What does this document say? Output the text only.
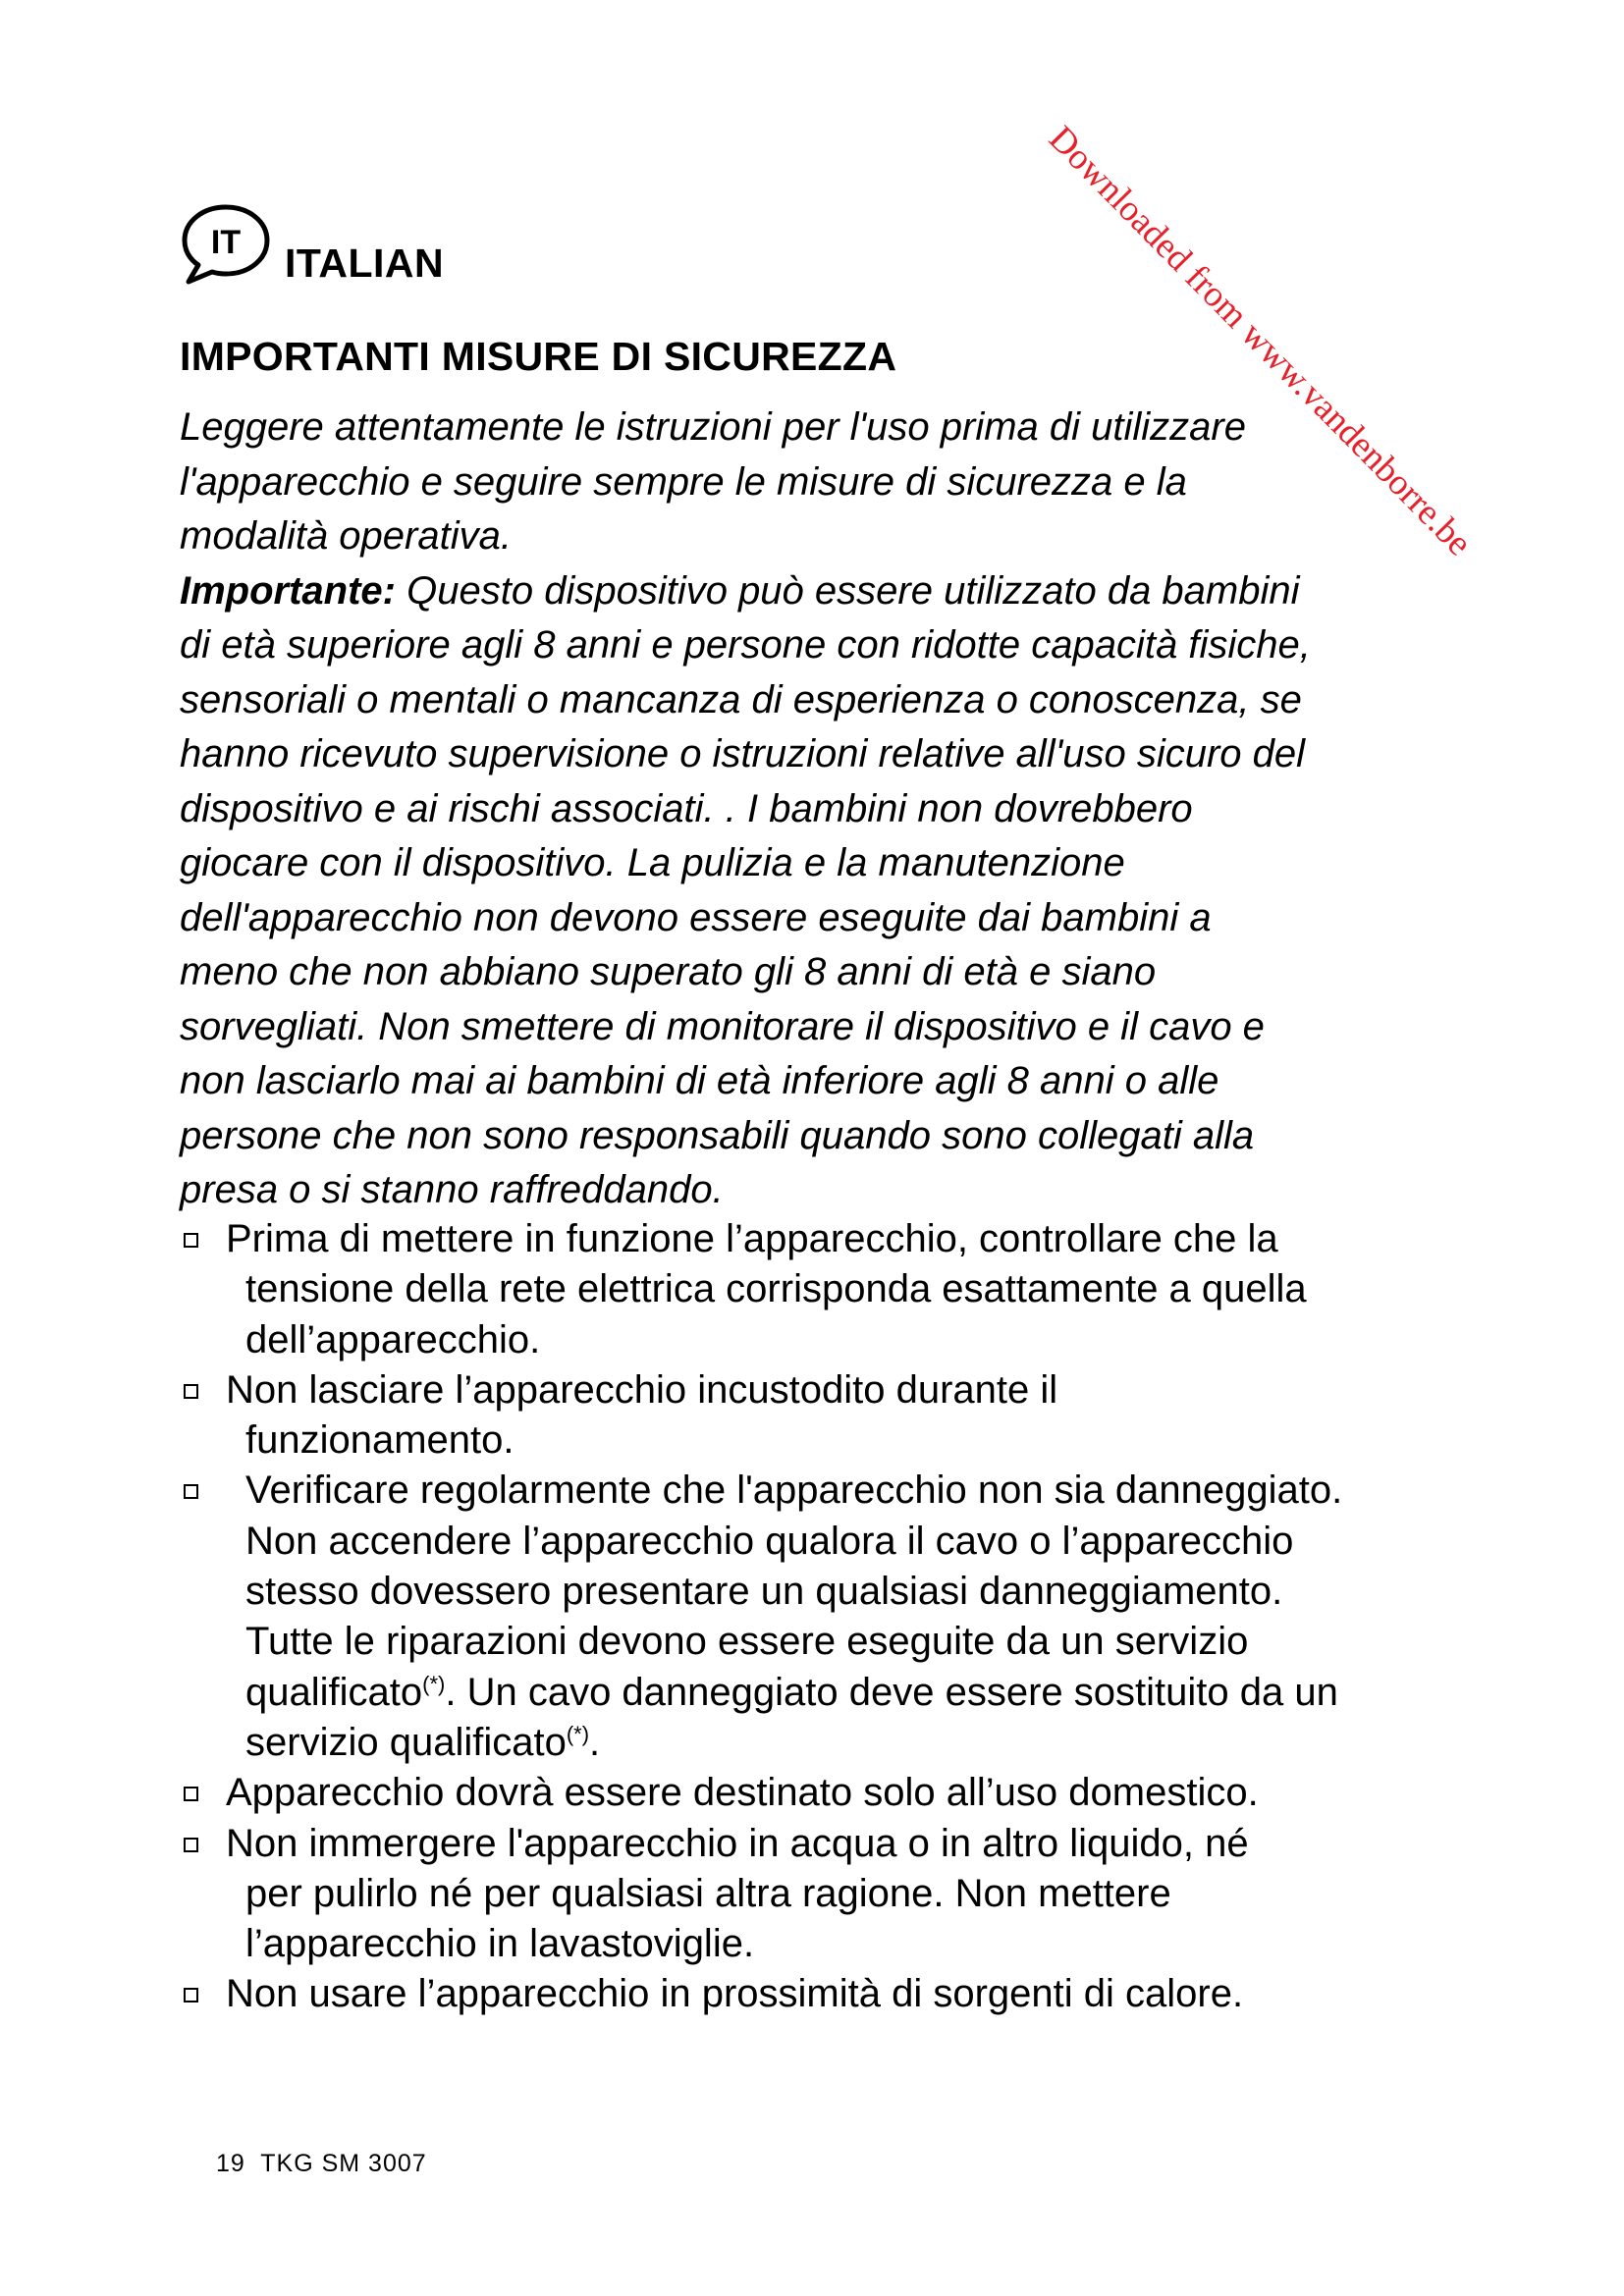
IT ITALIAN
IMPORTANTI MISURE DI SICUREZZA

Leggere attentamente le istruzioni per l'uso prima di utilizzare
l'apparecchio e seguire sempre le misure di sicurezza e la
modalità operativa.

Importante: Questo dispositivo può essere utilizzato da bambini
di età superiore agli 8 anni e persone con ridotte capacità fisiche,
sensoriali o mentali o mancanza di esperienza o conoscenza, se
hanno ricevuto supervisione o istruzioni relative all'uso sicuro del
dispositivo e ai rischi associati. . I bambini non dovrebbero
giocare con il dispositivo. La pulizia e la manutenzione
dell'apparecchio non devono essere eseguite dai bambini a
meno che non abbiano superato gli 8 anni di età e siano
sorvegliati. Non smettere di monitorare il dispositivo e il cavo e
non lasciarlo mai ai bambini di età inferiore agli 8 anni o alle
persone che non sono responsabili quando sono collegati alla
presa o si stanno raffreddando.

Prima di mettere in funzione l’apparecchio, controllare che la
tensione della rete elettrica corrisponda esattamente a quella
dell’apparecchio.
Non lasciare l’apparecchio incustodito durante il
funzionamento.
Verificare regolarmente che l'apparecchio non sia danneggiato.
Non accendere l’apparecchio qualora il cavo o l’apparecchio
stesso dovessero presentare un qualsiasi danneggiamento.
Tutte le riparazioni devono essere eseguite da un servizio
qualificato(*). Un cavo danneggiato deve essere sostituito da un
servizio qualificato(*).
Apparecchio dovrà essere destinato solo all’uso domestico.
Non immergere l'apparecchio in acqua o in altro liquido, né
per pulirlo né per qualsiasi altra ragione. Non mettere
l’apparecchio in lavastoviglie.
Non usare l’apparecchio in prossimità di sorgenti di calore.
19 TKG SM 3007
Downloaded from www.vandenborre.be
